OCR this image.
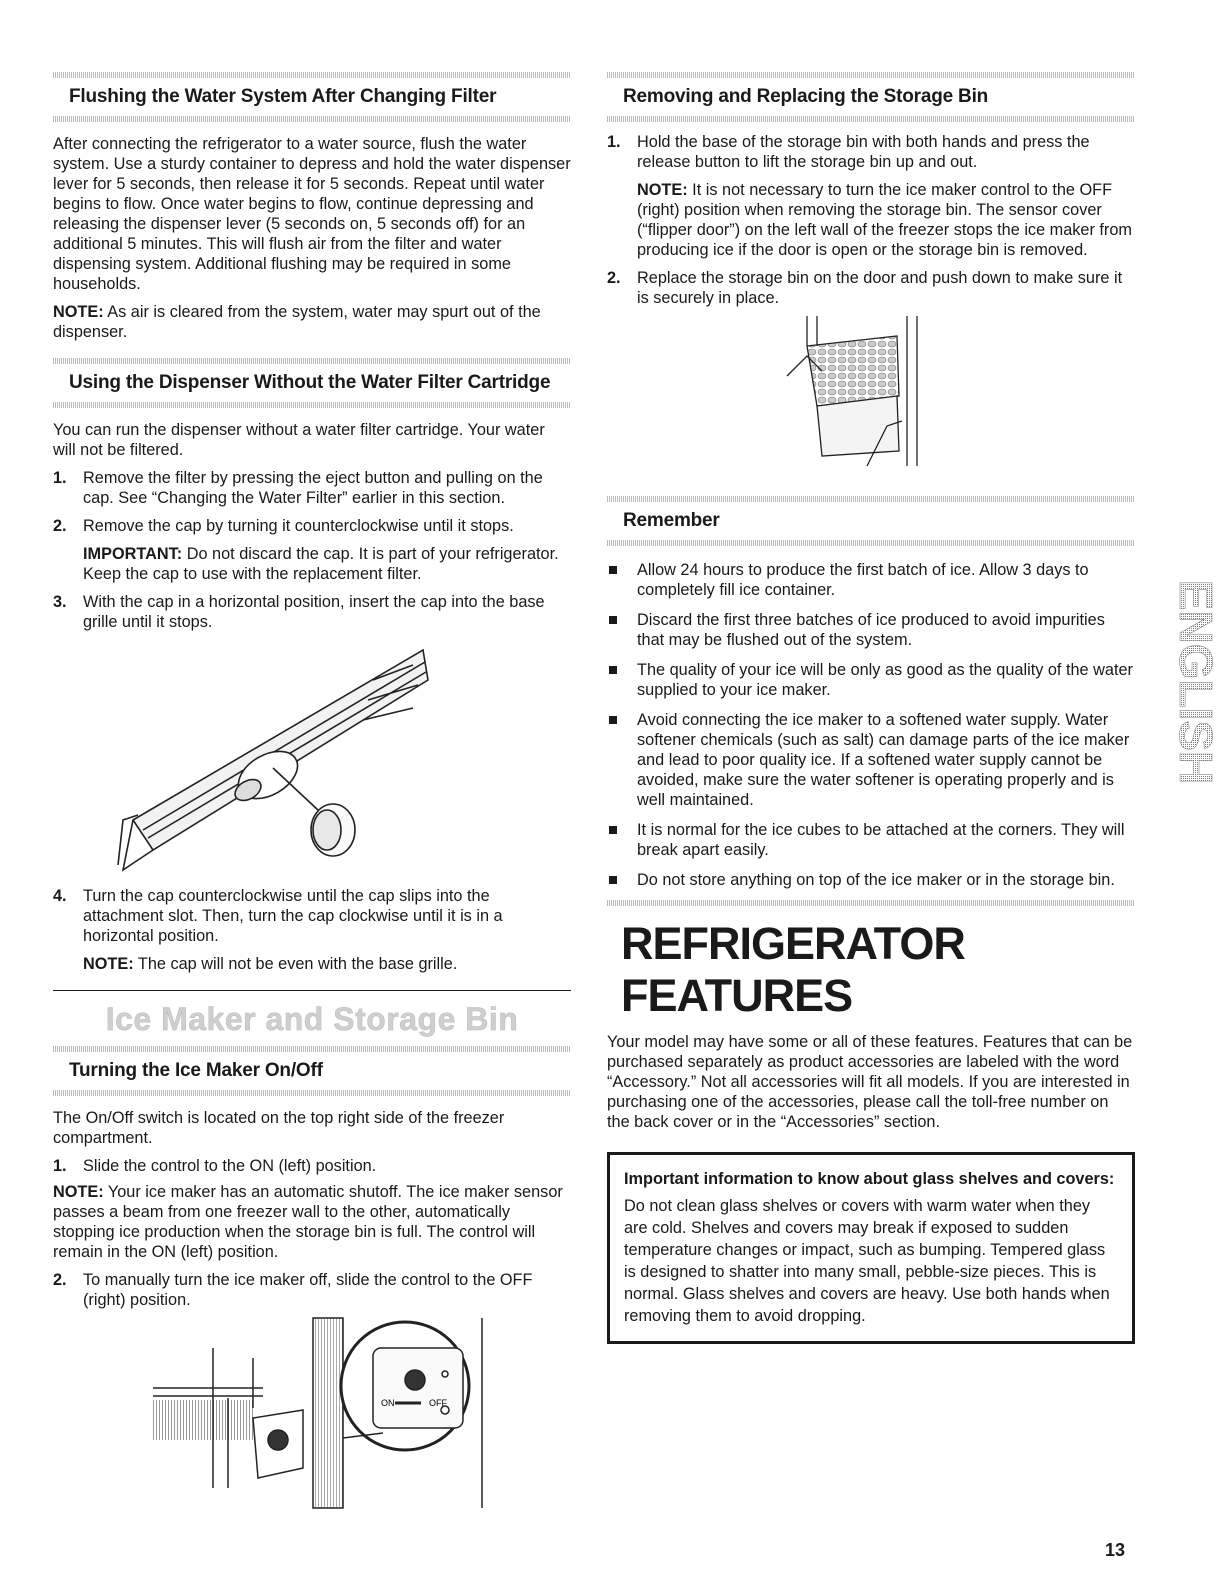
Flushing the Water System After Changing Filter

After connecting the refrigerator to a water source, flush the water system. Use a sturdy container to depress and hold the water dispenser lever for 5 seconds, then release it for 5 seconds. Repeat until water begins to flow. Once water begins to flow, continue depressing and releasing the dispenser lever (5 seconds on, 5 seconds off) for an additional 5 minutes. This will flush air from the filter and water dispensing system. Additional flushing may be required in some households.

NOTE: As air is cleared from the system, water may spurt out of the dispenser.

Using the Dispenser Without the Water Filter Cartridge

You can run the dispenser without a water filter cartridge. Your water will not be filtered.

1. Remove the filter by pressing the eject button and pulling on the cap. See “Changing the Water Filter” earlier in this section.
2. Remove the cap by turning it counterclockwise until it stops.
IMPORTANT: Do not discard the cap. It is part of your refrigerator. Keep the cap to use with the replacement filter.
3. With the cap in a horizontal position, insert the cap into the base grille until it stops.
4. Turn the cap counterclockwise until the cap slips into the attachment slot. Then, turn the cap clockwise until it is in a horizontal position.
NOTE: The cap will not be even with the base grille.
Ice Maker and Storage Bin
Turning the Ice Maker On/Off

The On/Off switch is located on the top right side of the freezer compartment.

1. Slide the control to the ON (left) position.

NOTE: Your ice maker has an automatic shutoff. The ice maker sensor passes a beam from one freezer wall to the other, automatically stopping ice production when the storage bin is full. The control will remain in the ON (left) position.

2. To manually turn the ice maker off, slide the control to the OFF (right) position.
ON	OFF
Removing and Replacing the Storage Bin
1. Hold the base of the storage bin with both hands and press the release button to lift the storage bin up and out.
NOTE: It is not necessary to turn the ice maker control to the OFF (right) position when removing the storage bin. The sensor cover (“flipper door”) on the left wall of the freezer stops the ice maker from producing ice if the door is open or the storage bin is removed.
2. Replace the storage bin on the door and push down to make sure it is securely in place.
Remember
Allow 24 hours to produce the first batch of ice. Allow 3 days to completely fill ice container.
Discard the first three batches of ice produced to avoid impurities that may be flushed out of the system.
The quality of your ice will be only as good as the quality of the water supplied to your ice maker.
Avoid connecting the ice maker to a softened water supply. Water softener chemicals (such as salt) can damage parts of the ice maker and lead to poor quality ice. If a softened water supply cannot be avoided, make sure the water softener is operating properly and is well maintained.
It is normal for the ice cubes to be attached at the corners. They will break apart easily.
Do not store anything on top of the ice maker or in the storage bin.
REFRIGERATOR FEATURES

Your model may have some or all of these features. Features that can be purchased separately as product accessories are labeled with the word “Accessory.” Not all accessories will fit all models. If you are interested in purchasing one of the accessories, please call the toll-free number on the back cover or in the “Accessories” section.

Important information to know about glass shelves and covers:

Do not clean glass shelves or covers with warm water when they are cold. Shelves and covers may break if exposed to sudden temperature changes or impact, such as bumping. Tempered glass is designed to shatter into many small, pebble-size pieces. This is normal. Glass shelves and covers are heavy. Use both hands when removing them to avoid dropping.

ENGLISH
13
